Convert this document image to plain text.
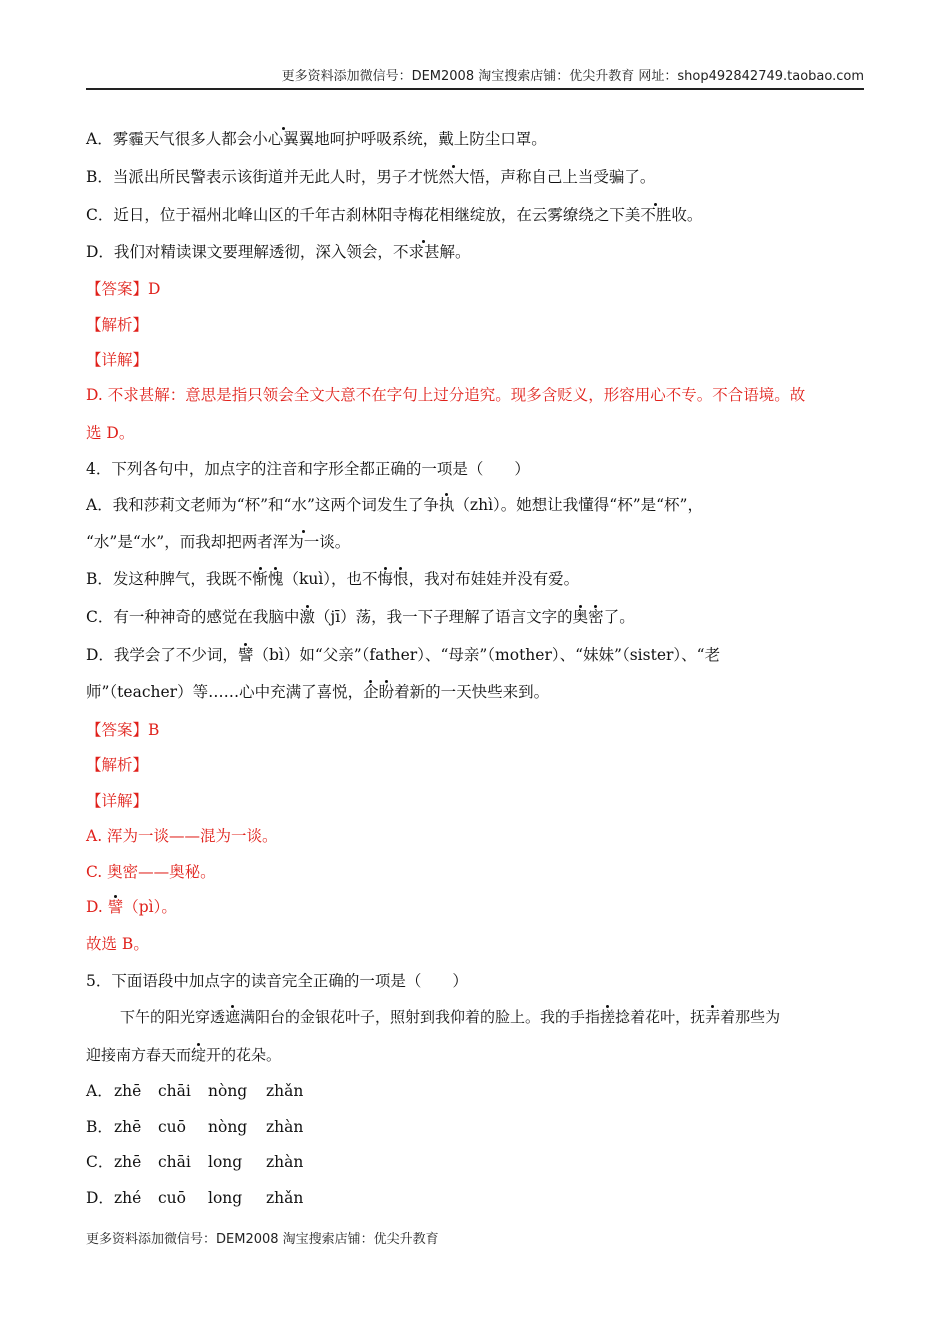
更多资料添加微信号：DEM2008 淘宝搜索店铺：优尖升教育 网址：shop492842749.taobao.com
A．雾霾天气很多人都会小心翼翼地呵护呼吸系统，戴上防尘口罩。
B．当派出所民警表示该街道并无此人时，男子才恍然大悟，声称自己上当受骗了。
C．近日，位于福州北峰山区的千年古刹林阳寺梅花相继绽放，在云雾缭绕之下美不胜收。
D．我们对精读课文要理解透彻，深入领会，不求甚解。
【答案】D
【解析】
【详解】
D. 不求甚解：意思是指只领会全文大意不在字句上过分追究。现多含贬义，形容用心不专。不合语境。故
选 D。
4．下列各句中，加点字的注音和字形全都正确的一项是（　　）
A．我和莎莉文老师为“杯”和“水”这两个词发生了争执（zhì）。她想让我懂得“杯”是“杯”，
“水”是“水”，而我却把两者浑为一谈。
B．发这种脾气，我既不惭愧（kuì），也不悔恨，我对布娃娃并没有爱。
C．有一种神奇的感觉在我脑中激（jī）荡，我一下子理解了语言文字的奥密了。
D．我学会了不少词，譬（bì）如“父亲”（father）、“母亲”（mother）、“妹妹”（sister）、“老
师”（teacher）等……心中充满了喜悦，企盼着新的一天快些来到。
【答案】B
【解析】
【详解】
A. 浑为一谈——混为一谈。
C. 奥密——奥秘。
D. 譬（pì）。
故选 B。
5．下面语段中加点字的读音完全正确的一项是（　　）
下午的阳光穿透遮满阳台的金银花叶子，照射到我仰着的脸上。我的手指搓捻着花叶，抚弄着那些为
迎接南方春天而绽开的花朵。
A．zhē chāi nòng zhǎn
B．zhē cuō nòng zhàn
C．zhē chāi long zhàn
D．zhé cuō long zhǎn
更多资料添加微信号：DEM2008 淘宝搜索店铺：优尖升教育
